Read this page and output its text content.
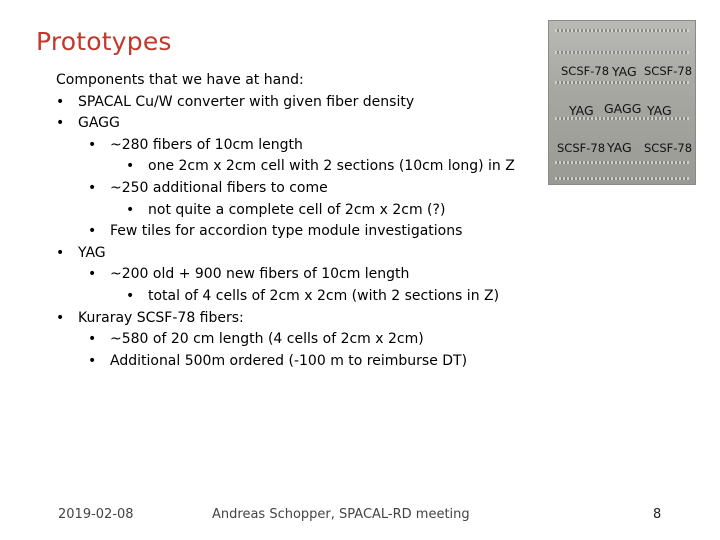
Prototypes
Components that we have at hand:
• SPACAL Cu/W converter with given fiber density
• GAGG
• ~280 fibers of 10cm length
• one 2cm x 2cm cell with 2 sections (10cm long) in Z
• ~250 additional fibers to come
• not quite a complete cell of 2cm x 2cm (?)
• Few tiles for accordion type module investigations
• YAG
• ~200 old + 900 new fibers of 10cm length
• total of 4 cells of 2cm x 2cm (with 2 sections in Z)
• Kuraray SCSF-78 fibers:
• ~580 of 20 cm length (4 cells of 2cm x 2cm)
• Additional 500m ordered (-100 m to reimburse DT)
SCSF-78 YAG SCSF-78
YAG GAGG YAG
SCSF-78 YAG SCSF-78
2019-02-08	Andreas Schopper, SPACAL-RD meeting	8
